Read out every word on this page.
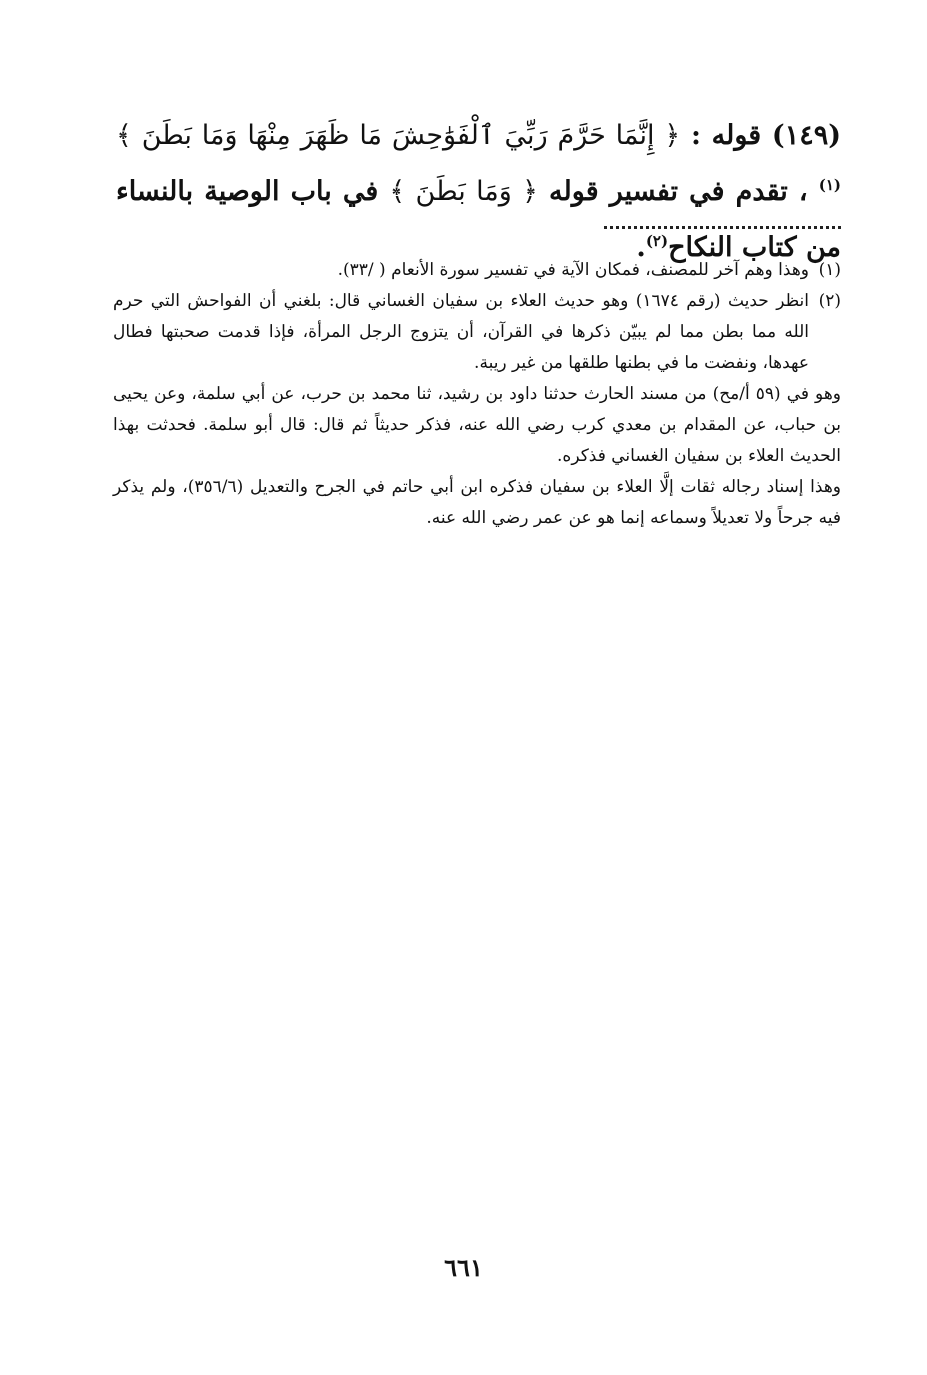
(١٤٩) قوله : ﴿ إِنَّمَا حَرَّمَ رَبِّيَ ٱلْفَوَٰحِشَ مَا ظَهَرَ مِنْهَا وَمَا بَطَنَ ﴾$^{(١)}$ ، تقدم في تفسير قوله ﴿ وَمَا بَطَنَ ﴾ في باب الوصية بالنساء من كتاب النكاح$^{(٢)}$.
(١)
وهذا وهم آخر للمصنف، فمكان الآية في تفسير سورة الأنعام ( /٣٣).
(٢)
انظر حديث (رقم ١٦٧٤) وهو حديث العلاء بن سفيان الغساني قال: بلغني أن الفواحش التي حرم الله مما بطن مما لم يبيّن ذكرها في القرآن، أن يتزوج الرجل المرأة، فإذا قدمت صحبتها فطال عهدها، ونفضت ما في بطنها طلقها من غير ريبة.
وهو في (٥٩ أ/مح) من مسند الحارث حدثنا داود بن رشيد، ثنا محمد بن حرب، عن أبي سلمة، وعن يحيى بن حباب، عن المقدام بن معدي كرب رضي الله عنه، فذكر حديثاً ثم قال: قال أبو سلمة. فحدثت بهذا الحديث العلاء بن سفيان الغساني فذكره.
وهذا إسناد رجاله ثقات إلَّا العلاء بن سفيان فذكره ابن أبي حاتم في الجرح والتعديل (٣٥٦/٦)، ولم يذكر فيه جرحاً ولا تعديلاً وسماعه إنما هو عن عمر رضي الله عنه.
٦٦١
